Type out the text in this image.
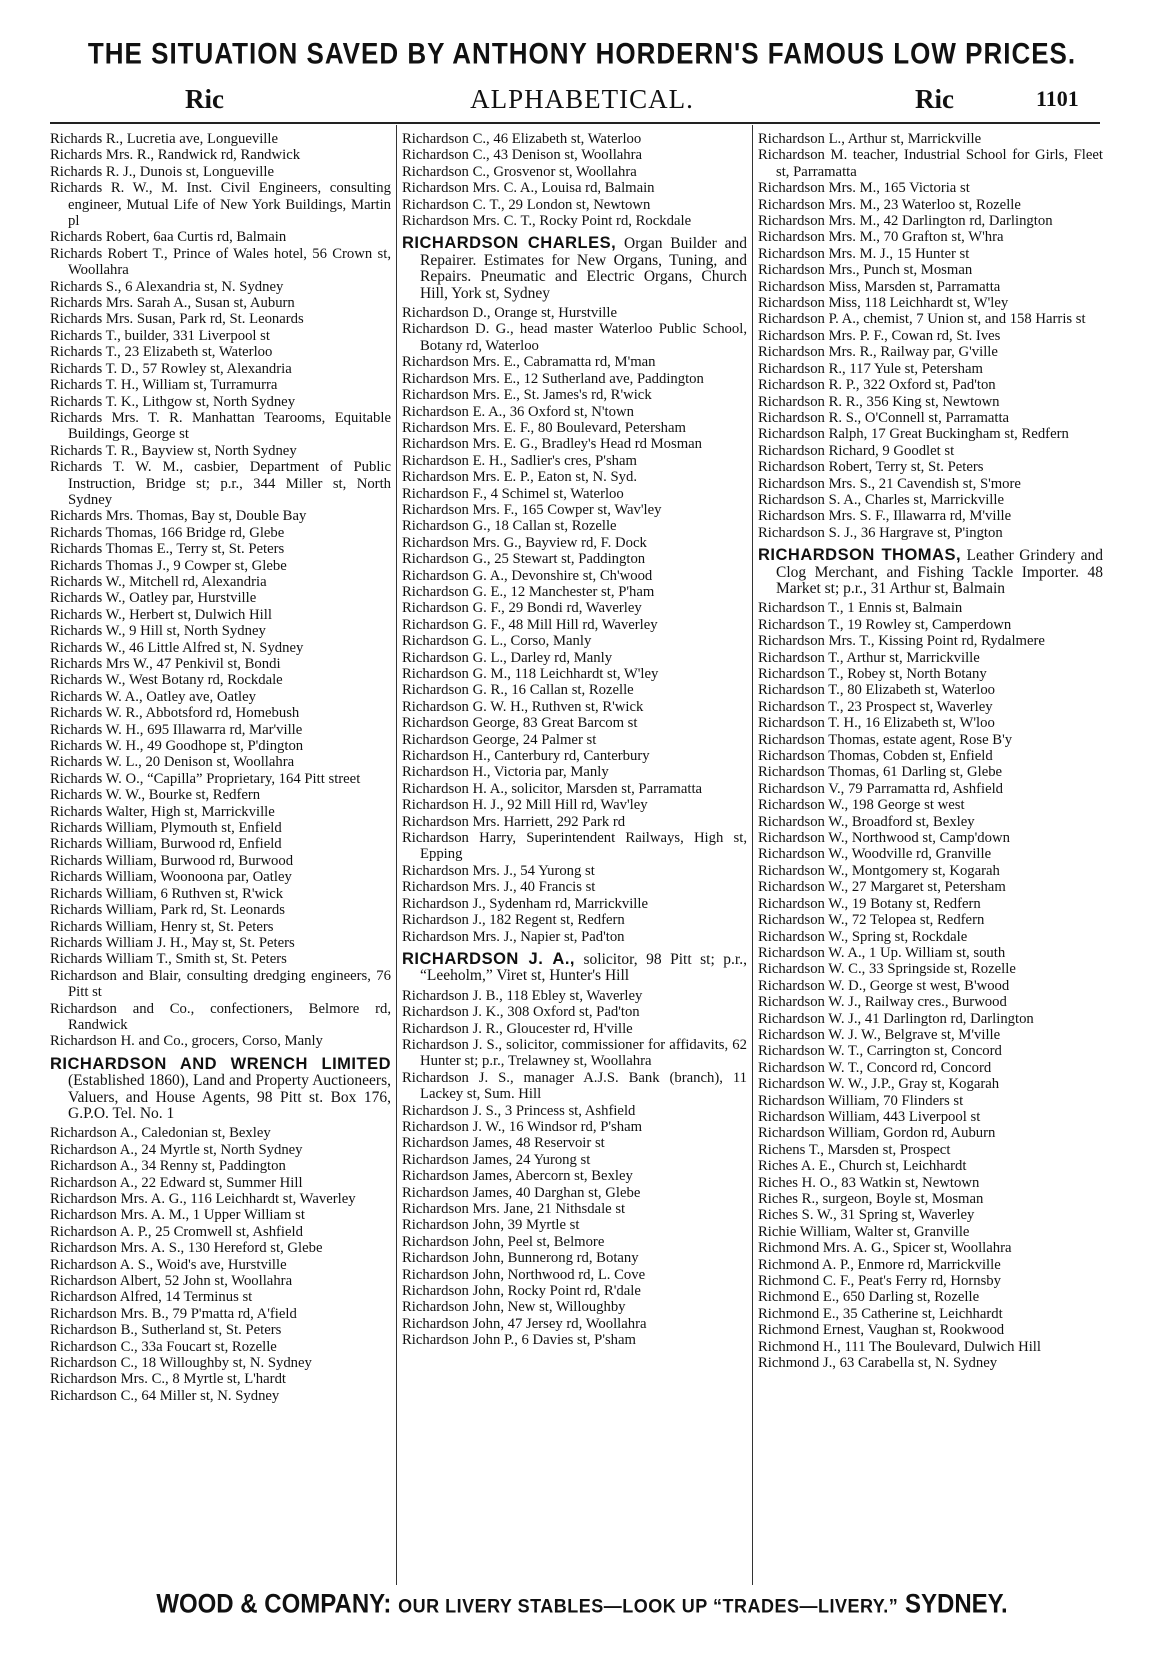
THE SITUATION SAVED BY ANTHONY HORDERN'S FAMOUS LOW PRICES.
ALPHABETICAL.
Ric	Ric	1101

Richards R., Lucretia ave, Longueville

Richards Mrs. R., Randwick rd, Randwick

Richards R. J., Dunois st, Longueville

Richards R. W., M. Inst. Civil Engineers, consulting engineer, Mutual Life of New York Buildings, Martin pl

Richards Robert, 6aa Curtis rd, Balmain

Richards Robert T., Prince of Wales hotel, 56 Crown st, Woollahra

Richards S., 6 Alexandria st, N. Sydney

Richards Mrs. Sarah A., Susan st, Auburn

Richards Mrs. Susan, Park rd, St. Leonards

Richards T., builder, 331 Liverpool st

Richards T., 23 Elizabeth st, Waterloo

Richards T. D., 57 Rowley st, Alexandria

Richards T. H., William st, Turramurra

Richards T. K., Lithgow st, North Sydney

Richards Mrs. T. R. Manhattan Tearooms, Equitable Buildings, George st

Richards T. R., Bayview st, North Sydney

Richards T. W. M., casbier, Department of Public Instruction, Bridge st; p.r., 344 Miller st, North Sydney

Richards Mrs. Thomas, Bay st, Double Bay

Richards Thomas, 166 Bridge rd, Glebe

Richards Thomas E., Terry st, St. Peters

Richards Thomas J., 9 Cowper st, Glebe

Richards W., Mitchell rd, Alexandria

Richards W., Oatley par, Hurstville

Richards W., Herbert st, Dulwich Hill

Richards W., 9 Hill st, North Sydney

Richards W., 46 Little Alfred st, N. Sydney

Richards Mrs W., 47 Penkivil st, Bondi

Richards W., West Botany rd, Rockdale

Richards W. A., Oatley ave, Oatley

Richards W. R., Abbotsford rd, Homebush

Richards W. H., 695 Illawarra rd, Mar'ville

Richards W. H., 49 Goodhope st, P'dington

Richards W. L., 20 Denison st, Woollahra

Richards W. O., “Capilla” Proprietary, 164 Pitt street

Richards W. W., Bourke st, Redfern

Richards Walter, High st, Marrickville

Richards William, Plymouth st, Enfield

Richards William, Burwood rd, Enfield

Richards William, Burwood rd, Burwood

Richards William, Woonoona par, Oatley

Richards William, 6 Ruthven st, R'wick

Richards William, Park rd, St. Leonards

Richards William, Henry st, St. Peters

Richards William J. H., May st, St. Peters

Richards William T., Smith st, St. Peters

Richardson and Blair, consulting dredging engineers, 76 Pitt st

Richardson and Co., confectioners, Belmore rd, Randwick

Richardson H. and Co., grocers, Corso, Manly

RICHARDSON AND WRENCH LIMITED (Established 1860), Land and Property Auctioneers, Valuers, and House Agents, 98 Pitt st. Box 176, G.P.O. Tel. No. 1

Richardson A., Caledonian st, Bexley

Richardson A., 24 Myrtle st, North Sydney

Richardson A., 34 Renny st, Paddington

Richardson A., 22 Edward st, Summer Hill

Richardson Mrs. A. G., 116 Leichhardt st, Waverley

Richardson Mrs. A. M., 1 Upper William st

Richardson A. P., 25 Cromwell st, Ashfield

Richardson Mrs. A. S., 130 Hereford st, Glebe

Richardson A. S., Woid's ave, Hurstville

Richardson Albert, 52 John st, Woollahra

Richardson Alfred, 14 Terminus st

Richardson Mrs. B., 79 P'matta rd, A'field

Richardson B., Sutherland st, St. Peters

Richardson C., 33a Foucart st, Rozelle

Richardson C., 18 Willoughby st, N. Sydney

Richardson Mrs. C., 8 Myrtle st, L'hardt

Richardson C., 64 Miller st, N. Sydney

Richardson C., 46 Elizabeth st, Waterloo

Richardson C., 43 Denison st, Woollahra

Richardson C., Grosvenor st, Woollahra

Richardson Mrs. C. A., Louisa rd, Balmain

Richardson C. T., 29 London st, Newtown

Richardson Mrs. C. T., Rocky Point rd, Rockdale

RICHARDSON CHARLES, Organ Builder and Repairer. Estimates for New Organs, Tuning, and Repairs. Pneumatic and Electric Organs, Church Hill, York st, Sydney

Richardson D., Orange st, Hurstville

Richardson D. G., head master Waterloo Public School, Botany rd, Waterloo

Richardson Mrs. E., Cabramatta rd, M'man

Richardson Mrs. E., 12 Sutherland ave, Paddington

Richardson Mrs. E., St. James's rd, R'wick

Richardson E. A., 36 Oxford st, N'town

Richardson Mrs. E. F., 80 Boulevard, Petersham

Richardson Mrs. E. G., Bradley's Head rd Mosman

Richardson E. H., Sadlier's cres, P'sham

Richardson Mrs. E. P., Eaton st, N. Syd.

Richardson F., 4 Schimel st, Waterloo

Richardson Mrs. F., 165 Cowper st, Wav'ley

Richardson G., 18 Callan st, Rozelle

Richardson Mrs. G., Bayview rd, F. Dock

Richardson G., 25 Stewart st, Paddington

Richardson G. A., Devonshire st, Ch'wood

Richardson G. E., 12 Manchester st, P'ham

Richardson G. F., 29 Bondi rd, Waverley

Richardson G. F., 48 Mill Hill rd, Waverley

Richardson G. L., Corso, Manly

Richardson G. L., Darley rd, Manly

Richardson G. M., 118 Leichhardt st, W'ley

Richardson G. R., 16 Callan st, Rozelle

Richardson G. W. H., Ruthven st, R'wick

Richardson George, 83 Great Barcom st

Richardson George, 24 Palmer st

Richardson H., Canterbury rd, Canterbury

Richardson H., Victoria par, Manly

Richardson H. A., solicitor, Marsden st, Parramatta

Richardson H. J., 92 Mill Hill rd, Wav'ley

Richardson Mrs. Harriett, 292 Park rd

Richardson Harry, Superintendent Railways, High st, Epping

Richardson Mrs. J., 54 Yurong st

Richardson Mrs. J., 40 Francis st

Richardson J., Sydenham rd, Marrickville

Richardson J., 182 Regent st, Redfern

Richardson Mrs. J., Napier st, Pad'ton

RICHARDSON J. A., solicitor, 98 Pitt st; p.r., “Leeholm,” Viret st, Hunter's Hill

Richardson J. B., 118 Ebley st, Waverley

Richardson J. K., 308 Oxford st, Pad'ton

Richardson J. R., Gloucester rd, H'ville

Richardson J. S., solicitor, commissioner for affidavits, 62 Hunter st; p.r., Trelawney st, Woollahra

Richardson J. S., manager A.J.S. Bank (branch), 11 Lackey st, Sum. Hill

Richardson J. S., 3 Princess st, Ashfield

Richardson J. W., 16 Windsor rd, P'sham

Richardson James, 48 Reservoir st

Richardson James, 24 Yurong st

Richardson James, Abercorn st, Bexley

Richardson James, 40 Darghan st, Glebe

Richardson Mrs. Jane, 21 Nithsdale st

Richardson John, 39 Myrtle st

Richardson John, Peel st, Belmore

Richardson John, Bunnerong rd, Botany

Richardson John, Northwood rd, L. Cove

Richardson John, Rocky Point rd, R'dale

Richardson John, New st, Willoughby

Richardson John, 47 Jersey rd, Woollahra

Richardson John P., 6 Davies st, P'sham

Richardson L., Arthur st, Marrickville

Richardson M. teacher, Industrial School for Girls, Fleet st, Parramatta

Richardson Mrs. M., 165 Victoria st

Richardson Mrs. M., 23 Waterloo st, Rozelle

Richardson Mrs. M., 42 Darlington rd, Darlington

Richardson Mrs. M., 70 Grafton st, W'hra

Richardson Mrs. M. J., 15 Hunter st

Richardson Mrs., Punch st, Mosman

Richardson Miss, Marsden st, Parramatta

Richardson Miss, 118 Leichhardt st, W'ley

Richardson P. A., chemist, 7 Union st, and 158 Harris st

Richardson Mrs. P. F., Cowan rd, St. Ives

Richardson Mrs. R., Railway par, G'ville

Richardson R., 117 Yule st, Petersham

Richardson R. P., 322 Oxford st, Pad'ton

Richardson R. R., 356 King st, Newtown

Richardson R. S., O'Connell st, Parramatta

Richardson Ralph, 17 Great Buckingham st, Redfern

Richardson Richard, 9 Goodlet st

Richardson Robert, Terry st, St. Peters

Richardson Mrs. S., 21 Cavendish st, S'more

Richardson S. A., Charles st, Marrickville

Richardson Mrs. S. F., Illawarra rd, M'ville

Richardson S. J., 36 Hargrave st, P'ington

RICHARDSON THOMAS, Leather Grindery and Clog Merchant, and Fishing Tackle Importer. 48 Market st; p.r., 31 Arthur st, Balmain

Richardson T., 1 Ennis st, Balmain

Richardson T., 19 Rowley st, Camperdown

Richardson Mrs. T., Kissing Point rd, Rydalmere

Richardson T., Arthur st, Marrickville

Richardson T., Robey st, North Botany

Richardson T., 80 Elizabeth st, Waterloo

Richardson T., 23 Prospect st, Waverley

Richardson T. H., 16 Elizabeth st, W'loo

Richardson Thomas, estate agent, Rose B'y

Richardson Thomas, Cobden st, Enfield

Richardson Thomas, 61 Darling st, Glebe

Richardson V., 79 Parramatta rd, Ashfield

Richardson W., 198 George st west

Richardson W., Broadford st, Bexley

Richardson W., Northwood st, Camp'down

Richardson W., Woodville rd, Granville

Richardson W., Montgomery st, Kogarah

Richardson W., 27 Margaret st, Petersham

Richardson W., 19 Botany st, Redfern

Richardson W., 72 Telopea st, Redfern

Richardson W., Spring st, Rockdale

Richardson W. A., 1 Up. William st, south

Richardson W. C., 33 Springside st, Rozelle

Richardson W. D., George st west, B'wood

Richardson W. J., Railway cres., Burwood

Richardson W. J., 41 Darlington rd, Darlington

Richardson W. J. W., Belgrave st, M'ville

Richardson W. T., Carrington st, Concord

Richardson W. T., Concord rd, Concord

Richardson W. W., J.P., Gray st, Kogarah

Richardson William, 70 Flinders st

Richardson William, 443 Liverpool st

Richardson William, Gordon rd, Auburn

Richens T., Marsden st, Prospect

Riches A. E., Church st, Leichhardt

Riches H. O., 83 Watkin st, Newtown

Riches R., surgeon, Boyle st, Mosman

Riches S. W., 31 Spring st, Waverley

Richie William, Walter st, Granville

Richmond Mrs. A. G., Spicer st, Woollahra

Richmond A. P., Enmore rd, Marrickville

Richmond C. F., Peat's Ferry rd, Hornsby

Richmond E., 650 Darling st, Rozelle

Richmond E., 35 Catherine st, Leichhardt

Richmond Ernest, Vaughan st, Rookwood

Richmond H., 111 The Boulevard, Dulwich Hill

Richmond J., 63 Carabella st, N. Sydney

WOOD & COMPANY: OUR LIVERY STABLES—LOOK UP “TRADES—LIVERY.” SYDNEY.
